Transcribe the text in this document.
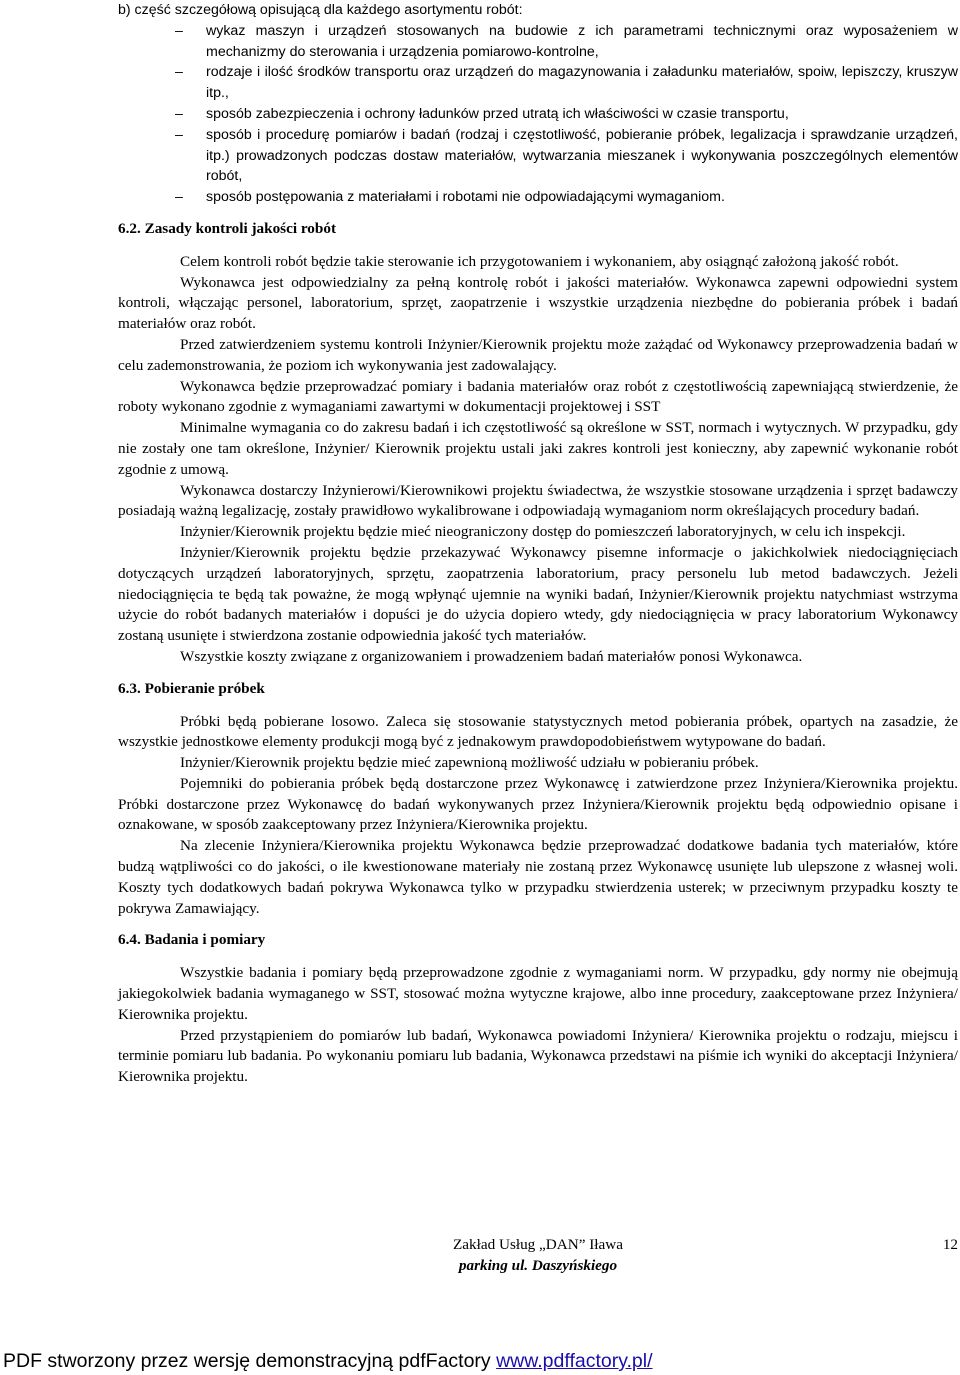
b) część szczegółową opisującą dla każdego asortymentu robót:
– wykaz maszyn i urządzeń stosowanych na budowie z ich parametrami technicznymi oraz wyposażeniem w mechanizmy do sterowania i urządzenia pomiarowo-kontrolne,
– rodzaje i ilość środków transportu oraz urządzeń do magazynowania i załadunku materiałów, spoiw, lepiszczy, kruszyw itp.,
– sposób zabezpieczenia i ochrony ładunków przed utratą ich właściwości w czasie transportu,
– sposób i procedurę pomiarów i badań (rodzaj i częstotliwość, pobieranie próbek, legalizacja i sprawdzanie urządzeń, itp.) prowadzonych podczas dostaw materiałów, wytwarzania mieszanek i wykonywania poszczególnych elementów robót,
– sposób postępowania z materiałami i robotami nie odpowiadającymi wymaganiom.
6.2. Zasady kontroli jakości robót

Celem kontroli robót będzie takie sterowanie ich przygotowaniem i wykonaniem, aby osiągnąć założoną jakość robót.

Wykonawca jest odpowiedzialny za pełną kontrolę robót i jakości materiałów. Wykonawca zapewni odpowiedni system kontroli, włączając personel, laboratorium, sprzęt, zaopatrzenie i wszystkie urządzenia niezbędne do pobierania próbek i badań materiałów oraz robót.

Przed zatwierdzeniem systemu kontroli Inżynier/Kierownik projektu może zażądać od Wykonawcy przeprowadzenia badań w celu zademonstrowania, że poziom ich wykonywania jest zadowalający.

Wykonawca będzie przeprowadzać pomiary i badania materiałów oraz robót z częstotliwością zapewniającą stwierdzenie, że roboty wykonano zgodnie z wymaganiami zawartymi w dokumentacji projektowej i SST

Minimalne wymagania co do zakresu badań i ich częstotliwość są określone w SST, normach i wytycznych. W przypadku, gdy nie zostały one tam określone, Inżynier/ Kierownik projektu ustali jaki zakres kontroli jest konieczny, aby zapewnić wykonanie robót zgodnie z umową.

Wykonawca dostarczy Inżynierowi/Kierownikowi projektu świadectwa, że wszystkie stosowane urządzenia i sprzęt badawczy posiadają ważną legalizację, zostały prawidłowo wykalibrowane i odpowiadają wymaganiom norm określających procedury badań.

Inżynier/Kierownik projektu będzie mieć nieograniczony dostęp do pomieszczeń laboratoryjnych, w celu ich inspekcji.

Inżynier/Kierownik projektu będzie przekazywać Wykonawcy pisemne informacje o jakichkolwiek niedociągnięciach dotyczących urządzeń laboratoryjnych, sprzętu, zaopatrzenia laboratorium, pracy personelu lub metod badawczych. Jeżeli niedociągnięcia te będą tak poważne, że mogą wpłynąć ujemnie na wyniki badań, Inżynier/Kierownik projektu natychmiast wstrzyma użycie do robót badanych materiałów i dopuści je do użycia dopiero wtedy, gdy niedociągnięcia w pracy laboratorium Wykonawcy zostaną usunięte i stwierdzona zostanie odpowiednia jakość tych materiałów.

Wszystkie koszty związane z organizowaniem i prowadzeniem badań materiałów ponosi Wykonawca.

6.3. Pobieranie próbek

Próbki będą pobierane losowo. Zaleca się stosowanie statystycznych metod pobierania próbek, opartych na zasadzie, że wszystkie jednostkowe elementy produkcji mogą być z jednakowym prawdopodobieństwem wytypowane do badań.

Inżynier/Kierownik projektu będzie mieć zapewnioną możliwość udziału w pobieraniu próbek.

Pojemniki do pobierania próbek będą dostarczone przez Wykonawcę i zatwierdzone przez Inżyniera/Kierownika projektu. Próbki dostarczone przez Wykonawcę do badań wykonywanych przez Inżyniera/Kierownik projektu będą odpowiednio opisane i oznakowane, w sposób zaakceptowany przez Inżyniera/Kierownika projektu.

Na zlecenie Inżyniera/Kierownika projektu Wykonawca będzie przeprowadzać dodatkowe badania tych materiałów, które budzą wątpliwości co do jakości, o ile kwestionowane materiały nie zostaną przez Wykonawcę usunięte lub ulepszone z własnej woli. Koszty tych dodatkowych badań pokrywa Wykonawca tylko w przypadku stwierdzenia usterek; w przeciwnym przypadku koszty te pokrywa Zamawiający.

6.4. Badania i pomiary

Wszystkie badania i pomiary będą przeprowadzone zgodnie z wymaganiami norm. W przypadku, gdy normy nie obejmują jakiegokolwiek badania wymaganego w SST, stosować można wytyczne krajowe, albo inne procedury, zaakceptowane przez Inżyniera/ Kierownika projektu.

Przed przystąpieniem do pomiarów lub badań, Wykonawca powiadomi Inżyniera/ Kierownika projektu o rodzaju, miejscu i terminie pomiaru lub badania. Po wykonaniu pomiaru lub badania, Wykonawca przedstawi na piśmie ich wyniki do akceptacji Inżyniera/ Kierownika projektu.

Zakład Usług „DAN” Iława
parking ul. Daszyńskiego
12
PDF stworzony przez wersję demonstracyjną pdfFactory www.pdffactory.pl/
